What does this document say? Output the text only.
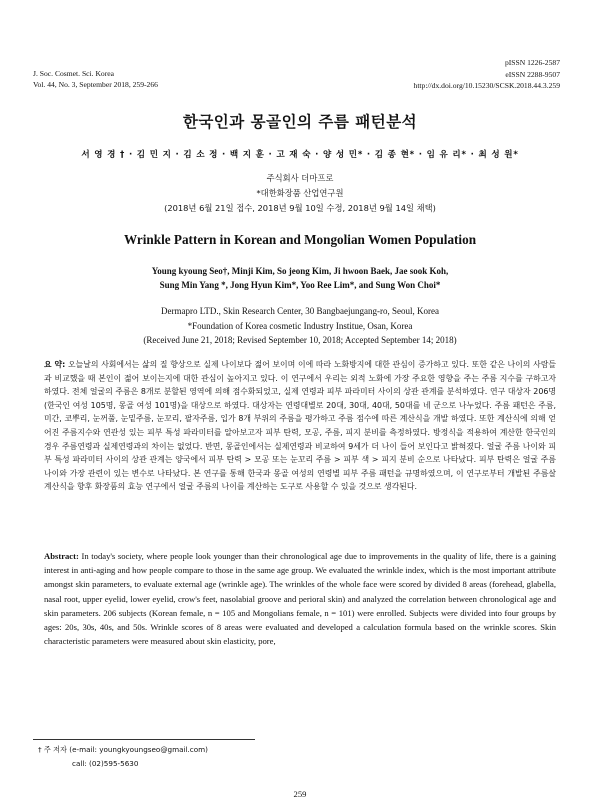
J. Soc. Cosmet. Sci. Korea
Vol. 44, No. 3, September 2018, 259-266
pISSN 1226-2587
eISSN 2288-9507
http://dx.doi.org/10.15230/SCSK.2018.44.3.259
한국인과 몽골인의 주름 패턴분석
서 영 경 † · 김 민 지 · 김 소 정 · 백 지 훈 · 고 재 숙 · 양 성 민* · 김 종 현* · 임 유 리* · 최 성 원*
주식회사 더마프로
*대한화장품 산업연구원
(2018년 6월 21일 접수, 2018년 9월 10일 수정, 2018년 9월 14일 채택)
Wrinkle Pattern in Korean and Mongolian Women Population
Young kyoung Seo†, Minji Kim, So jeong Kim, Ji hwoon Baek, Jae sook Koh,
Sung Min Yang *, Jong Hyun Kim*, Yoo Ree Lim*, and Sung Won Choi*
Dermapro LTD., Skin Research Center, 30 Bangbaejungang-ro, Seoul, Korea
*Foundation of Korea cosmetic Industry Institue, Osan, Korea
(Received June 21, 2018; Revised September 10, 2018; Accepted September 14; 2018)
요 약: 오늘날의 사회에서는 삶의 질 향상으로 실제 나이보다 젊어 보이며 이에 따라 노화방지에 대한 관심이 증가하고 있다. 또한 같은 나이의 사람들과 비교했을 때 본인이 젊어 보이는지에 대한 관심이 높아지고 있다. 이 연구에서 우리는 외적 노화에 가장 주요한 영향을 주는 주름 지수를 구하고자 하였다. 전체 얼굴의 주름은 8개로 분할된 영역에 의해 점수화되었고, 실제 연령과 피부 파라미터 사이의 상관 관계를 분석하였다. 연구 대상자 206명(한국인 여성 105명, 몽골 여성 101명)을 대상으로 하였다. 대상자는 연령대별로 20대, 30대, 40대, 50대를 네 군으로 나누었다. 주름 패턴은 주름, 미간, 코뿌리, 눈꺼풀, 눈밑주름, 눈꼬리, 팔자주름, 입가 8개 부위의 주름을 평가하고 주름 점수에 따른 계산식을 개발 하였다. 또한 계산식에 의해 얻어진 주름지수와 연관성 있는 피부 특성 파라미터를 알아보고자 피부 탄력, 모공, 주름, 피지 분비를 측정하였다. 방정식을 적용하여 계산한 한국인의 경우 주름연령과 실제연령과의 차이는 없었다. 반면, 몽골인에서는 실제연령과 비교하여 9세가 더 나이 들어 보인다고 밝혀졌다. 얼굴 주름 나이와 피부 특성 파라미터 사이의 상관 관계는 양국에서 피부 탄력 > 모공 또는 눈꼬리 주름 > 피부 색 > 피지 분비 순으로 나타났다. 피부 탄력은 얼굴 주름 나이와 가장 관련이 있는 변수로 나타났다. 본 연구를 통해 한국과 몽골 여성의 연령별 피부 주름 패턴을 규명하였으며, 이 연구로부터 개발된 주름살 계산식을 향후 화장품의 효능 연구에서 얼굴 주름의 나이를 계산하는 도구로 사용할 수 있을 것으로 생각된다.
Abstract: In today's society, where people look younger than their chronological age due to improvements in the quality of life, there is a gaining interest in anti-aging and how people compare to those in the same age group. We evaluated the wrinkle index, which is the most important attribute amongst skin parameters, to evaluate external age (wrinkle age). The wrinkles of the whole face were scored by divided 8 areas (forehead, glabella, nasal root, upper eyelid, lower eyelid, crow's feet, nasolabial groove and perioral skin) and analyzed the correlation between chronological age and skin parameters. 206 subjects (Korean female, n = 105 and Mongolians female, n = 101) were enrolled. Subjects were divided into four groups by ages: 20s, 30s, 40s, and 50s. Wrinkle scores of 8 areas were evaluated and developed a calculation formula based on the wrinkle scores. Skin characteristic parameters were measured about skin elasticity, pore,
† 주 저자 (e-mail: youngkyoungseo@gmail.com)
call: (02)595-5630
259
